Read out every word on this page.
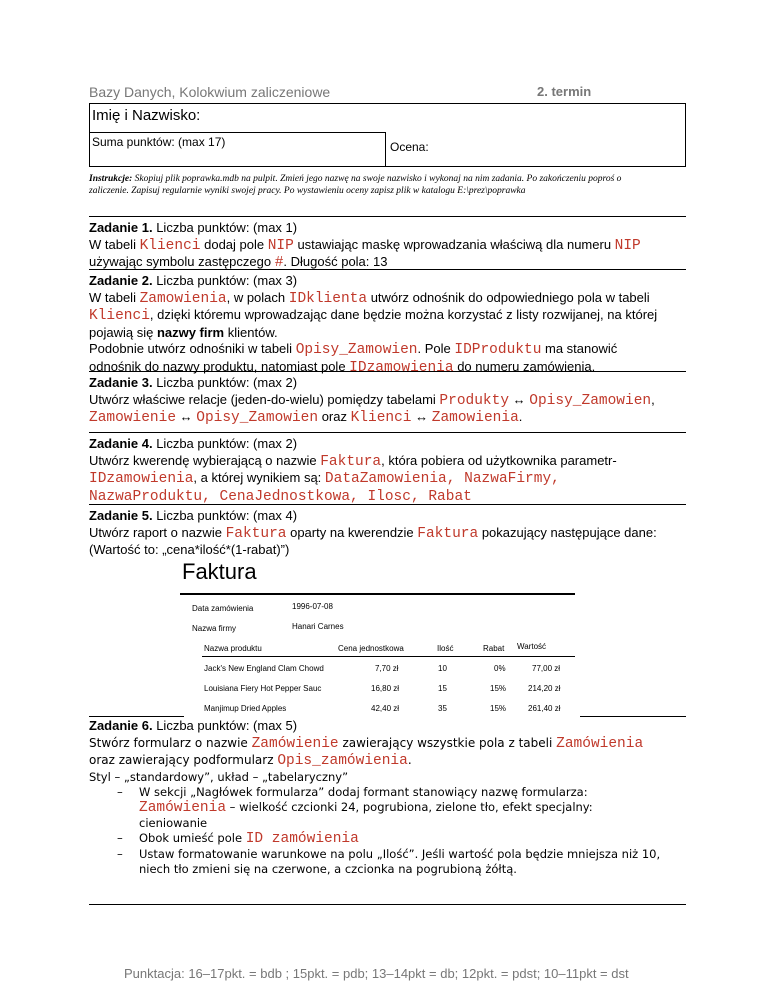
Bazy Danych, Kolokwium zaliczeniowe	2. termin
Imię i Nazwisko:
Suma punktów: (max 17)	Ocena:
Instrukcje: Skopiuj plik poprawka.mdb na pulpit. Zmień jego nazwę na swoje nazwisko i wykonaj na nim zadania. Po zakończeniu poproś o zaliczenie. Zapisuj regularnie wyniki swojej pracy. Po wystawieniu oceny zapisz plik w katalogu E:\prez\poprawka
Zadanie 1. Liczba punktów: (max 1)
W tabeli Klienci dodaj pole NIP ustawiając maskę wprowadzania właściwą dla numeru NIP
używając symbolu zastępczego #. Długość pola: 13
Zadanie 2. Liczba punktów: (max 3)
W tabeli Zamowienia, w polach IDklienta utwórz odnośnik do odpowiedniego pola w tabeli
Klienci, dzięki któremu wprowadzając dane będzie można korzystać z listy rozwijanej, na której
pojawią się nazwy firm klientów.
Podobnie utwórz odnośniki w tabeli Opisy_Zamowien. Pole IDProduktu ma stanowić
odnośnik do nazwy produktu, natomiast pole IDzamowienia do numeru zamówienia.
Zadanie 3. Liczba punktów: (max 2)
Utwórz właściwe relacje (jeden-do-wielu) pomiędzy tabelami Produkty ↔ Opisy_Zamowien,
Zamowienie ↔ Opisy_Zamowien oraz Klienci ↔ Zamowienia.
Zadanie 4. Liczba punktów: (max 2)
Utwórz kwerendę wybierającą o nazwie Faktura, która pobiera od użytkownika parametr-
IDzamowienia, a której wynikiem są: DataZamowienia, NazwaFirmy,
NazwaProduktu, CenaJednostkowa, Ilosc, Rabat
Zadanie 5. Liczba punktów: (max 4)
Utwórz raport o nazwie Faktura oparty na kwerendzie Faktura pokazujący następujące dane:
(Wartość to: „cena*ilość*(1-rabat)”)
Faktura
Data zamówienia	1996-07-08
Nazwa firmy	Hanari Carnes
Nazwa produktu	Cena jednostkowa	Ilość	Rabat Wartość
Jack's New England Clam Chowd	7,70 zł	10	0%	77,00 zł
Louisiana Fiery Hot Pepper Sauc	16,80 zł	15	15%	214,20 zł
Manjimup Dried Apples	42,40 zł	35	15%	261,40 zł
Zadanie 6. Liczba punktów: (max 5)
Stwórz formularz o nazwie Zamówienie zawierający wszystkie pola z tabeli Zamówienia
oraz zawierający podformularz Opis_zamówienia.
Styl – „standardowy”, układ – „tabelaryczny”
– W sekcji „Nagłówek formularza” dodaj formant stanowiący nazwę formularza:
Zamówienia – wielkość czcionki 24, pogrubiona, zielone tło, efekt specjalny:
cieniowanie
– Obok umieść pole ID zamówienia
– Ustaw formatowanie warunkowe na polu „Ilość”. Jeśli wartość pola będzie mniejsza niż 10,
niech tło zmieni się na czerwone, a czcionka na pogrubioną żółtą.
Punktacja: 16–17pkt. = bdb ; 15pkt. = pdb; 13–14pkt = db; 12pkt. = pdst; 10–11pkt = dst
